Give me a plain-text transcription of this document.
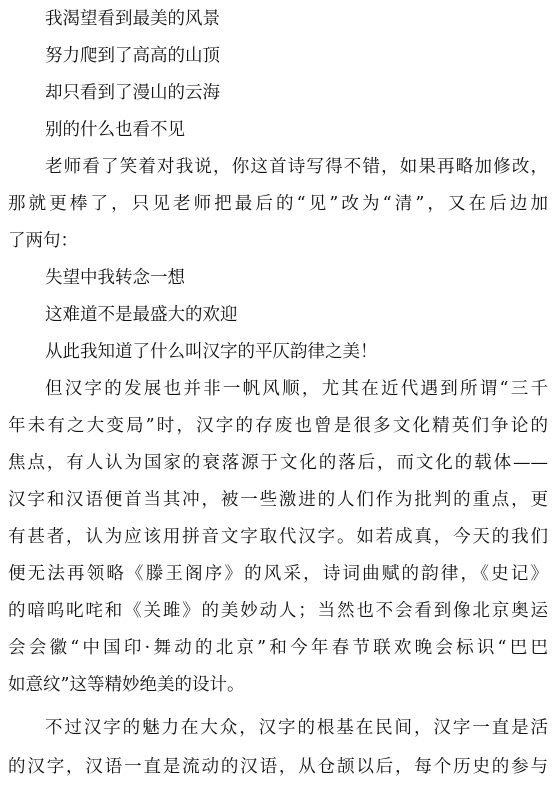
我渴望看到最美的风景
努力爬到了高高的山顶
却只看到了漫山的云海
别的什么也看不见
老师看了笑着对我说，你这首诗写得不错，如果再略加修改，
那就更棒了，只见老师把最后的“见”改为“清”，又在后边加
了两句：
失望中我转念一想
这难道不是最盛大的欢迎
从此我知道了什么叫汉字的平仄韵律之美！
但汉字的发展也并非一帆风顺，尤其在近代遇到所谓“三千
年未有之大变局”时，汉字的存废也曾是很多文化精英们争论的
焦点，有人认为国家的衰落源于文化的落后，而文化的载体——
汉字和汉语便首当其冲，被一些激进的人们作为批判的重点，更
有甚者，认为应该用拼音文字取代汉字。如若成真，今天的我们
便无法再领略《滕王阁序》的风采，诗词曲赋的韵律，《史记》
的喑呜叱咤和《关雎》的美妙动人；当然也不会看到像北京奥运
会会徽“中国印·舞动的北京”和今年春节联欢晚会标识“巴巴
如意纹”这等精妙绝美的设计。
不过汉字的魅力在大众，汉字的根基在民间，汉字一直是活
的汉字，汉语一直是流动的汉语，从仓颉以后，每个历史的参与
